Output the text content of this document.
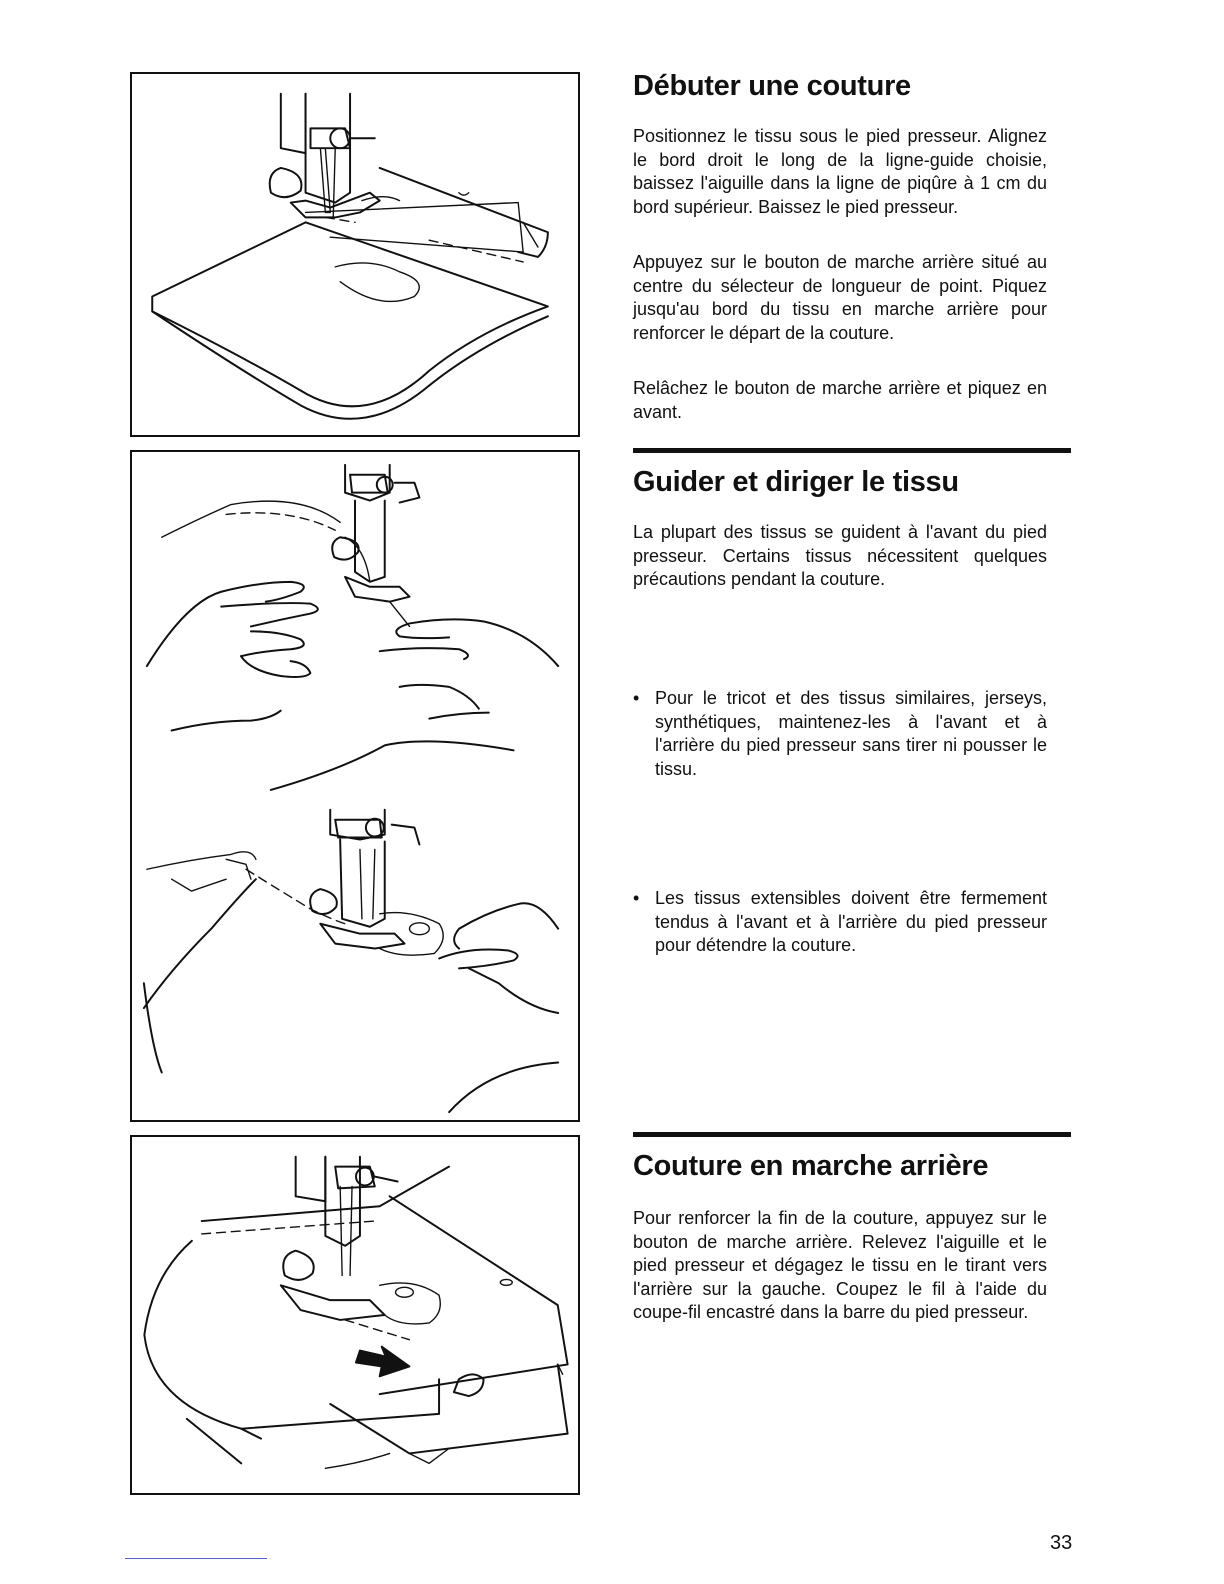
Débuter une couture

Positionnez le tissu sous le pied presseur. Alignez le bord droit le long de la ligne-guide choisie, baissez l'aiguille dans la ligne de piqûre à 1 cm du bord supérieur. Baissez le pied presseur.

Appuyez sur le bouton de marche arrière situé au centre du sélecteur de longueur de point. Piquez jusqu'au bord du tissu en marche arrière pour renforcer le départ de la couture.

Relâchez le bouton de marche arrière et piquez en avant.

Guider et diriger le tissu

La plupart des tissus se guident à l'avant du pied presseur. Certains tissus nécessitent quelques précautions pendant la couture.

• Pour le tricot et des tissus similaires, jerseys, synthétiques, maintenez-les à l'avant et à l'arrière du pied presseur sans tirer ni pousser le tissu.

• Les tissus extensibles doivent être fermement tendus à l'avant et à l'arrière du pied presseur pour détendre la couture.

Couture en marche arrière

Pour renforcer la fin de la couture, appuyez sur le bouton de marche arrière. Relevez l'aiguille et le pied presseur et dégagez le tissu en le tirant vers l'arrière sur la gauche. Coupez le fil à l'aide du coupe-fil encastré dans la barre du pied presseur.

33
